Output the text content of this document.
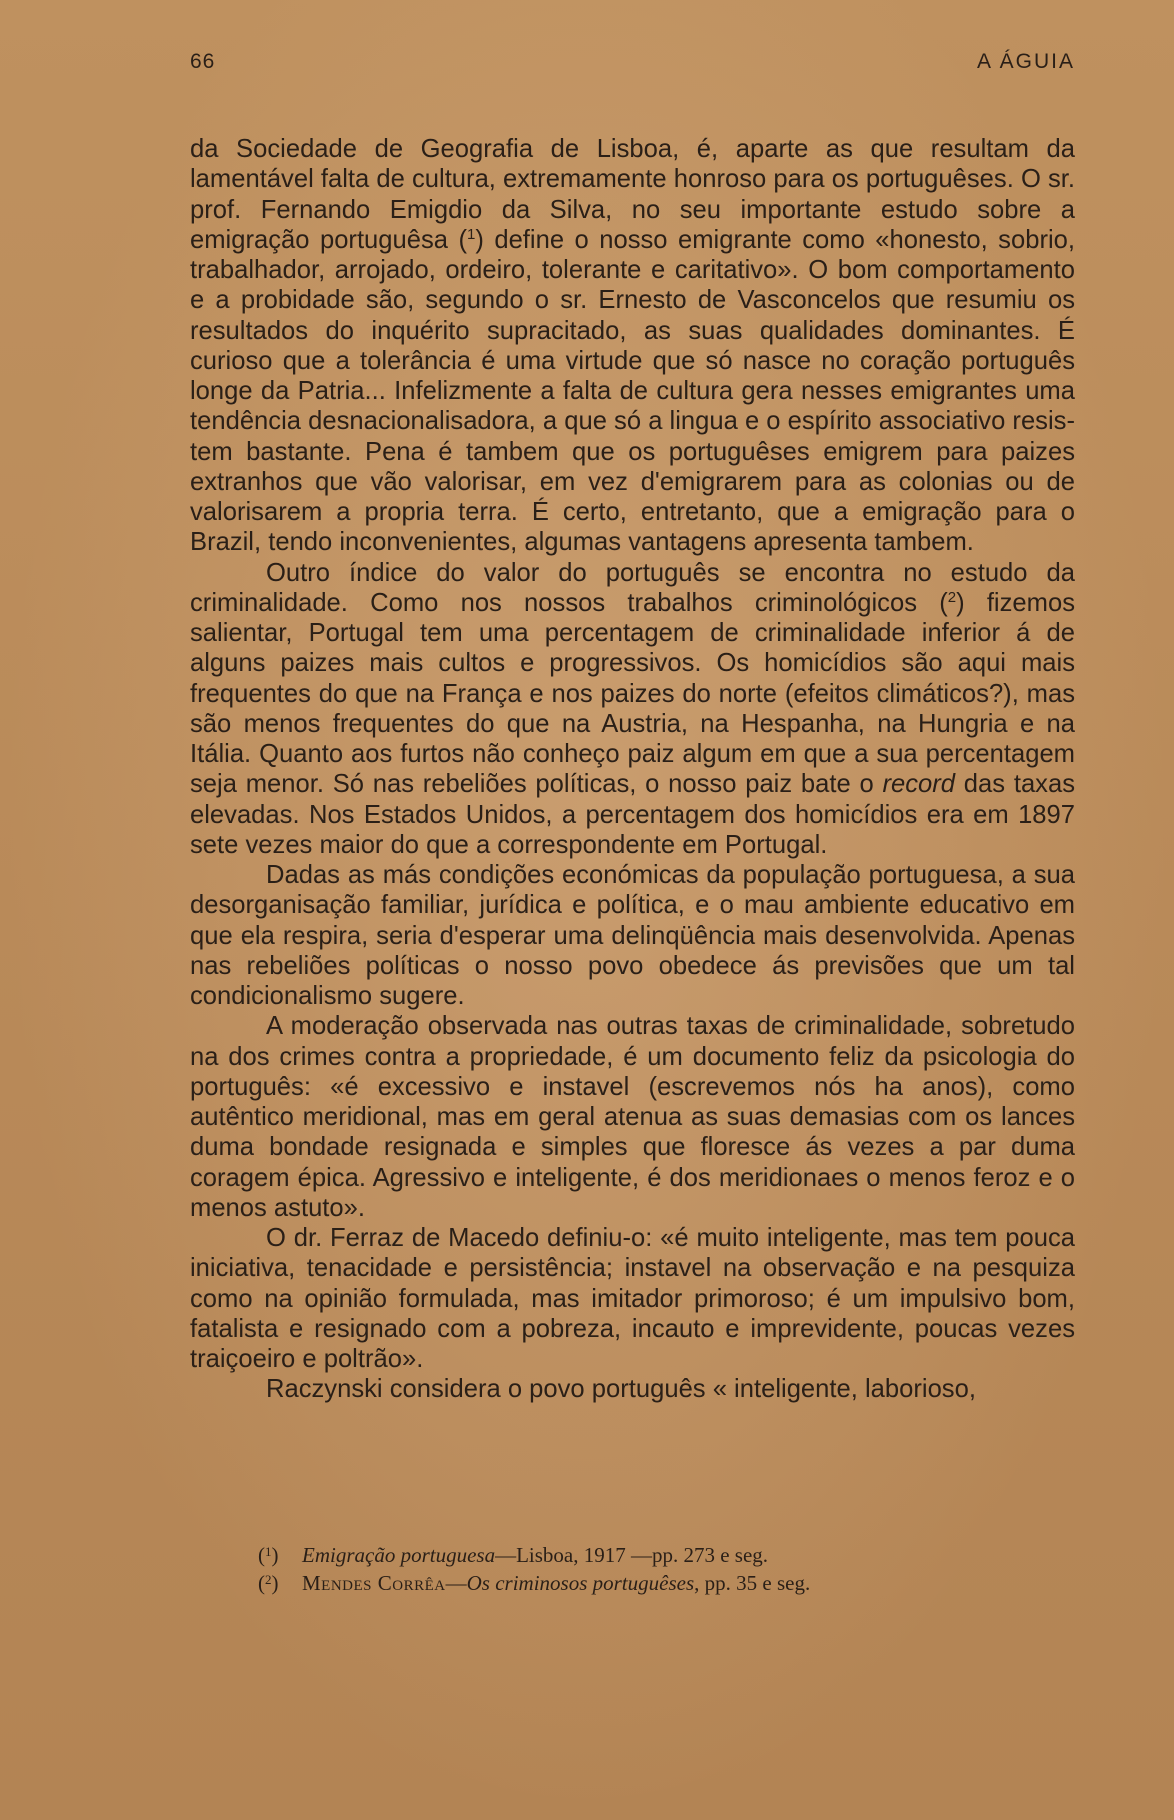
66	A ÁGUIA

da Sociedade de Geografia de Lisboa, é, aparte as que resultam da lamentável falta de cultura, extremamente honroso para os portuguêses. O sr. prof. Fernando Emigdio da Silva, no seu importante estudo sobre a emigração portuguêsa ($^1$) define o nosso emigrante como «honesto, sobrio, trabalhador, arrojado, ordeiro, tolerante e caritativo». O bom comportamento e a probidade são, segundo o sr. Ernesto de Vasconcelos que resumiu os resultados do inquérito supracitado, as suas qualidades dominantes. É curioso que a tolerância é uma virtude que só nasce no coração português longe da Patria... Infelizmente a falta de cultura gera nesses emigrantes uma tendência desnacionalisadora, a que só a lingua e o espírito associativo resistem bastante. Pena é tambem que os portuguêses emigrem para paizes extranhos que vão valorisar, em vez d'emigrarem para as colonias ou de valorisarem a propria terra. É certo, entretanto, que a emigração para o Brazil, tendo inconvenientes, algumas vantagens apresenta tambem.

Outro índice do valor do português se encontra no estudo da criminalidade. Como nos nossos trabalhos criminológicos ($^2$) fizemos salientar, Portugal tem uma percentagem de criminalidade inferior á de alguns paizes mais cultos e progressivos. Os homicídios são aqui mais frequentes do que na França e nos paizes do norte (efeitos climáticos?), mas são menos frequentes do que na Austria, na Hespanha, na Hungria e na Itália. Quanto aos furtos não conheço paiz algum em que a sua percentagem seja menor. Só nas rebeliões políticas, o nosso paiz bate o record das taxas elevadas. Nos Estados Unidos, a percentagem dos homicídios era em 1897 sete vezes maior do que a correspondente em Portugal.

Dadas as más condições económicas da população portuguesa, a sua desorganisação familiar, jurídica e política, e o mau ambiente educativo em que ela respira, seria d'esperar uma delinqüência mais desenvolvida. Apenas nas rebeliões políticas o nosso povo obedece ás previsões que um tal condicionalismo sugere.

A moderação observada nas outras taxas de criminalidade, sobretudo na dos crimes contra a propriedade, é um documento feliz da psicologia do português: «é excessivo e instavel (escrevemos nós ha anos), como autêntico meridional, mas em geral atenua as suas demasias com os lances duma bondade resignada e simples que floresce ás vezes a par duma coragem épica. Agressivo e inteligente, é dos meridionaes o menos feroz e o menos astuto».

O dr. Ferraz de Macedo definiu-o: «é muito inteligente, mas tem pouca iniciativa, tenacidade e persistência; instavel na observação e na pesquiza como na opinião formulada, mas imitador primoroso; é um impulsivo bom, fatalista e resignado com a pobreza, incauto e imprevidente, poucas vezes traiçoeiro e poltrão».

Raczynski considera o povo português « inteligente, laborioso,

($^1$) Emigração portuguesa—Lisboa, 1917 —pp. 273 e seg.

($^2$) Mendes Corrêa—Os criminosos portuguêses, pp. 35 e seg.
